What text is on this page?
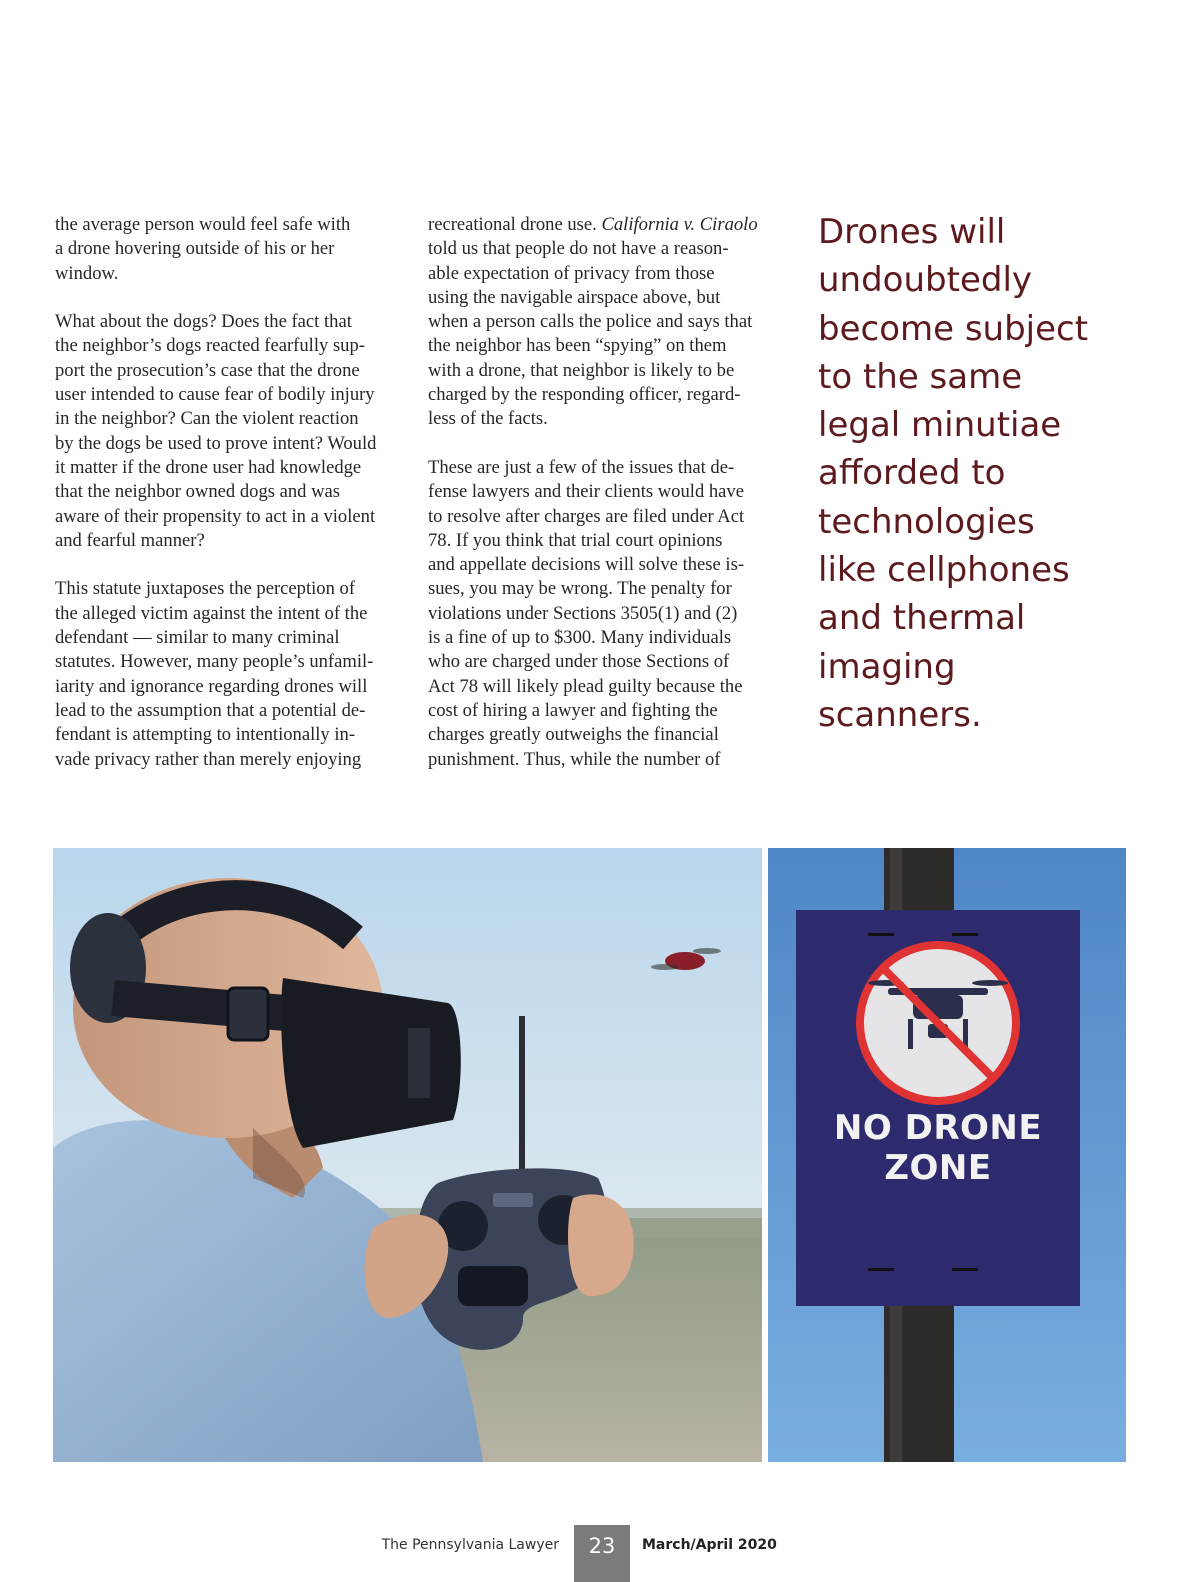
the average person would feel safe with
a drone hovering outside of his or her
window.

What about the dogs? Does the fact that
the neighbor’s dogs reacted fearfully sup-
port the prosecution’s case that the drone
user intended to cause fear of bodily injury
in the neighbor? Can the violent reaction
by the dogs be used to prove intent? Would
it matter if the drone user had knowledge
that the neighbor owned dogs and was
aware of their propensity to act in a violent
and fearful manner?

This statute juxtaposes the perception of
the alleged victim against the intent of the
defendant — similar to many criminal
statutes. However, many people’s unfamil-
iarity and ignorance regarding drones will
lead to the assumption that a potential de-
fendant is attempting to intentionally in-
vade privacy rather than merely enjoying

recreational drone use. California v. Ciraolo
told us that people do not have a reason-
able expectation of privacy from those
using the navigable airspace above, but
when a person calls the police and says that
the neighbor has been “spying” on them
with a drone, that neighbor is likely to be
charged by the responding officer, regard-
less of the facts.

These are just a few of the issues that de-
fense lawyers and their clients would have
to resolve after charges are filed under Act
78. If you think that trial court opinions
and appellate decisions will solve these is-
sues, you may be wrong. The penalty for
violations under Sections 3505(1) and (2)
is a fine of up to $300. Many individuals
who are charged under those Sections of
Act 78 will likely plead guilty because the
cost of hiring a lawyer and fighting the
charges greatly outweighs the financial
punishment. Thus, while the number of

Drones will
undoubtedly
become subject
to the same
legal minutiae
afforded to
technologies
like cellphones
and thermal
imaging
scanners.
NO DRONE
ZONE
The Pennsylvania Lawyer	23	March/April 2020
